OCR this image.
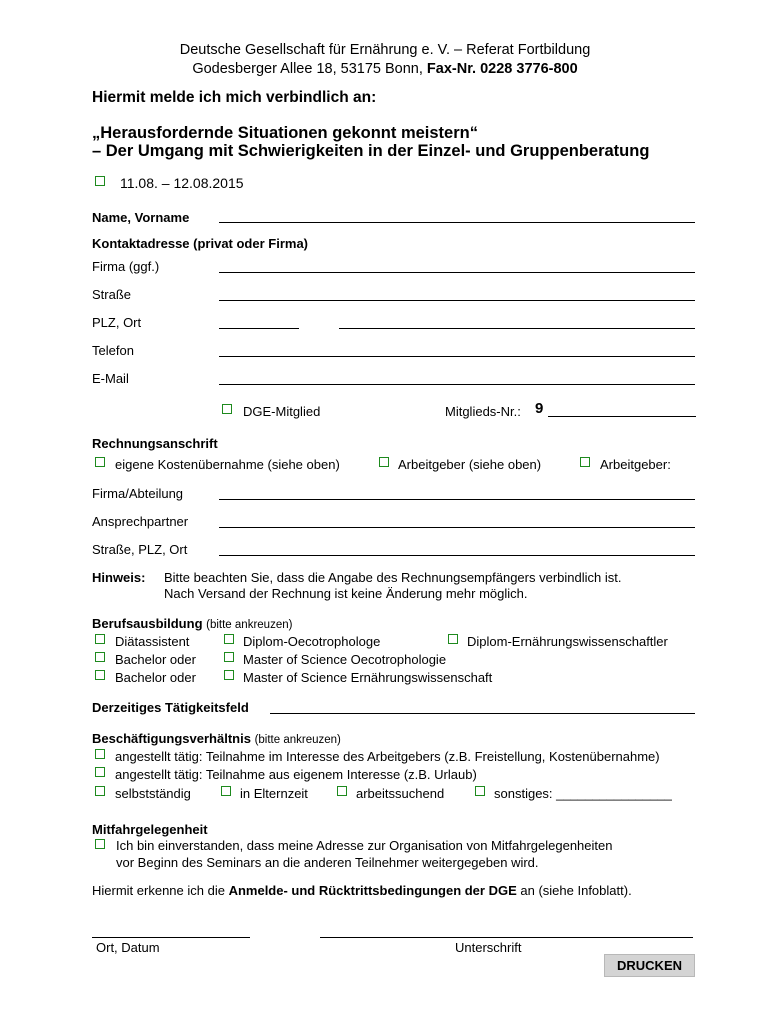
Deutsche Gesellschaft für Ernährung e. V. – Referat Fortbildung
Godesberger Allee 18, 53175 Bonn, Fax-Nr. 0228 3776-800
Hiermit melde ich mich verbindlich an:
„Herausfordernde Situationen gekonnt meistern“
– Der Umgang mit Schwierigkeiten in der Einzel- und Gruppenberatung
11.08. – 12.08.2015
Name, Vorname
Kontaktadresse (privat oder Firma)
Firma (ggf.)
Straße
PLZ, Ort
Telefon
E-Mail
DGE-Mitglied	Mitglieds-Nr.: 9
Rechnungsanschrift
eigene Kostenübernahme (siehe oben)	Arbeitgeber (siehe oben)	Arbeitgeber:
Firma/Abteilung
Ansprechpartner
Straße, PLZ, Ort
Hinweis: Bitte beachten Sie, dass die Angabe des Rechnungsempfängers verbindlich ist.
Nach Versand der Rechnung ist keine Änderung mehr möglich.
Berufsausbildung (bitte ankreuzen)
Diätassistent	Diplom-Oecotrophologe	Diplom-Ernährungswissenschaftler
Bachelor oder	Master of Science Oecotrophologie
Bachelor oder	Master of Science Ernährungswissenschaft
Derzeitiges Tätigkeitsfeld
Beschäftigungsverhältnis (bitte ankreuzen)
angestellt tätig: Teilnahme im Interesse des Arbeitgebers (z.B. Freistellung, Kostenübernahme)
angestellt tätig: Teilnahme aus eigenem Interesse (z.B. Urlaub)
selbstständig	in Elternzeit	arbeitssuchend	sonstiges: ________________
Mitfahrgelegenheit
Ich bin einverstanden, dass meine Adresse zur Organisation von Mitfahrgelegenheiten
vor Beginn des Seminars an die anderen Teilnehmer weitergegeben wird.
Hiermit erkenne ich die Anmelde- und Rücktrittsbedingungen der DGE an (siehe Infoblatt).
Ort, Datum	Unterschrift
DRUCKEN
